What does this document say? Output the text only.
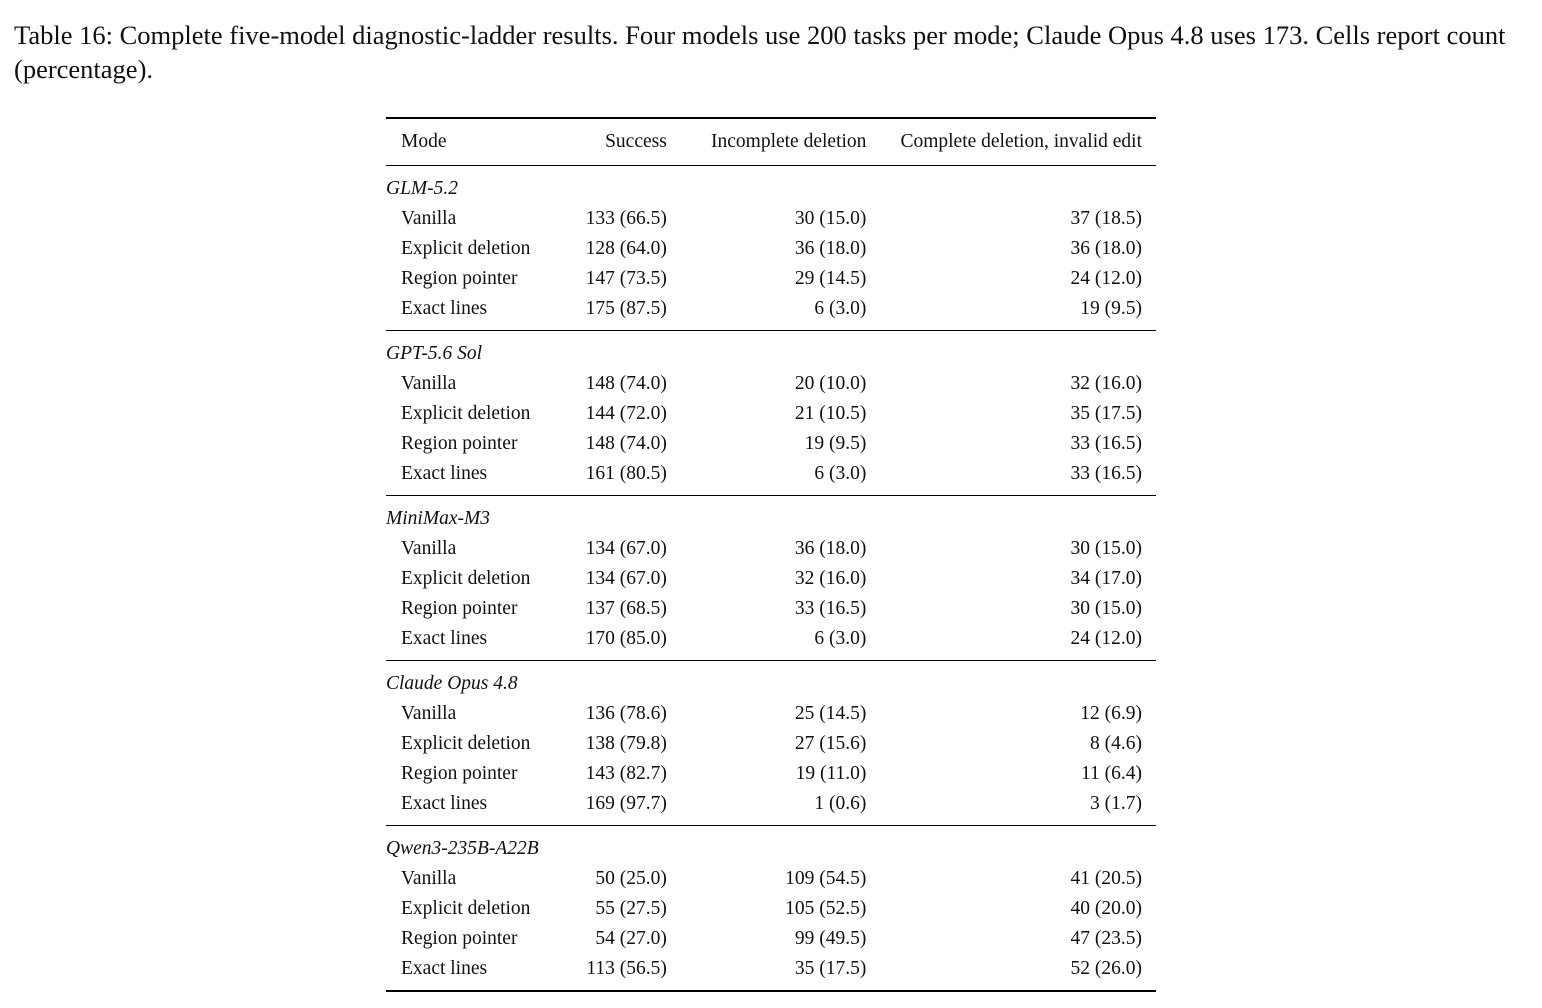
Table 16: Complete five-model diagnostic-ladder results. Four models use 200 tasks per mode; Claude Opus 4.8 uses 173. Cells report count (percentage).

Mode	Success	Incomplete deletion	Complete deletion, invalid edit
GLM-5.2			
Vanilla	133 (66.5)	30 (15.0)	37 (18.5)
Explicit deletion	128 (64.0)	36 (18.0)	36 (18.0)
Region pointer	147 (73.5)	29 (14.5)	24 (12.0)
Exact lines	175 (87.5)	6 (3.0)	19 (9.5)
GPT-5.6 Sol			
Vanilla	148 (74.0)	20 (10.0)	32 (16.0)
Explicit deletion	144 (72.0)	21 (10.5)	35 (17.5)
Region pointer	148 (74.0)	19 (9.5)	33 (16.5)
Exact lines	161 (80.5)	6 (3.0)	33 (16.5)
MiniMax-M3			
Vanilla	134 (67.0)	36 (18.0)	30 (15.0)
Explicit deletion	134 (67.0)	32 (16.0)	34 (17.0)
Region pointer	137 (68.5)	33 (16.5)	30 (15.0)
Exact lines	170 (85.0)	6 (3.0)	24 (12.0)
Claude Opus 4.8			
Vanilla	136 (78.6)	25 (14.5)	12 (6.9)
Explicit deletion	138 (79.8)	27 (15.6)	8 (4.6)
Region pointer	143 (82.7)	19 (11.0)	11 (6.4)
Exact lines	169 (97.7)	1 (0.6)	3 (1.7)
Qwen3-235B-A22B			
Vanilla	50 (25.0)	109 (54.5)	41 (20.5)
Explicit deletion	55 (27.5)	105 (52.5)	40 (20.0)
Region pointer	54 (27.0)	99 (49.5)	47 (23.5)
Exact lines	113 (56.5)	35 (17.5)	52 (26.0)
